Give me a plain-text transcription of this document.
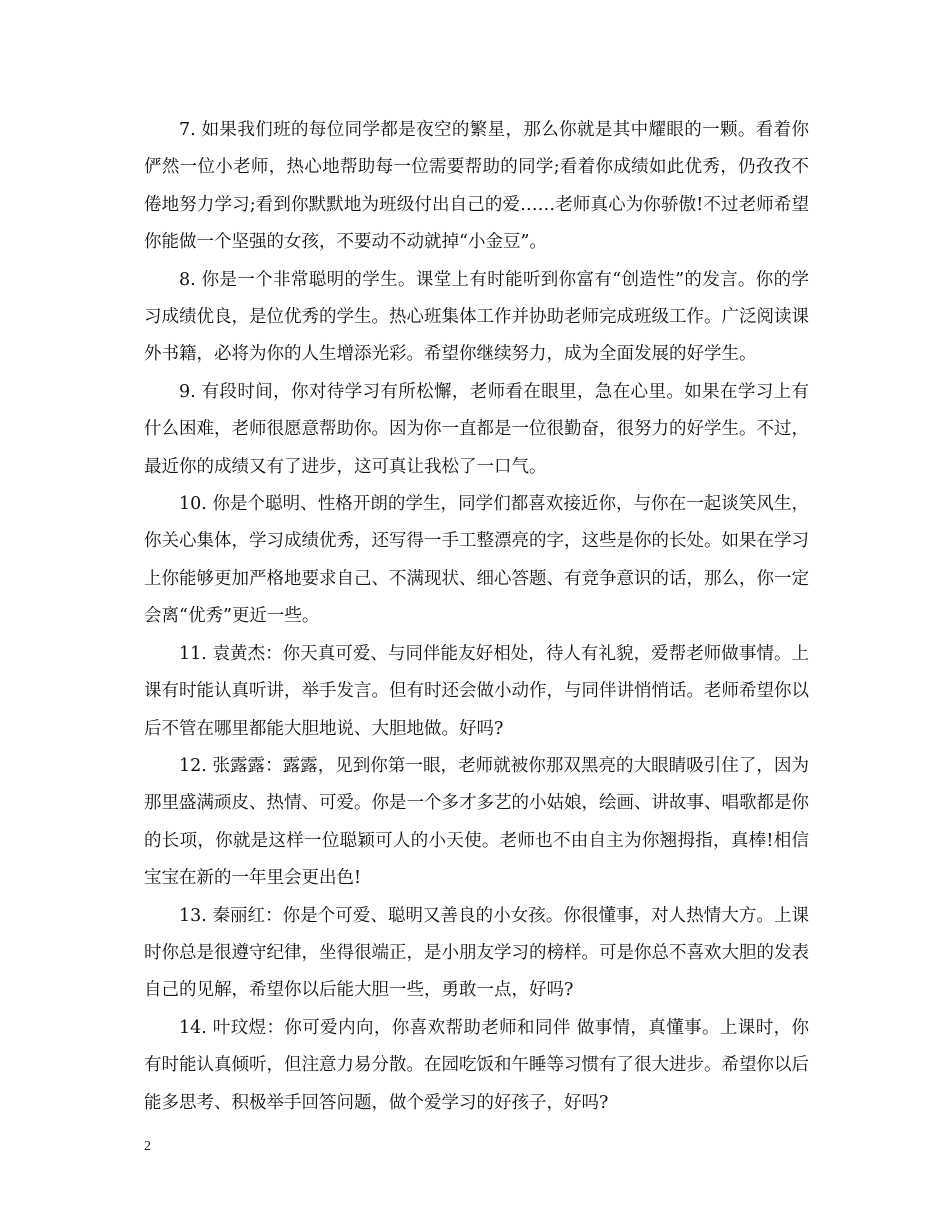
7. 如果我们班的每位同学都是夜空的繁星，那么你就是其中耀眼的一颗。看着你俨然一位小老师，热心地帮助每一位需要帮助的同学;看着你成绩如此优秀，仍孜孜不倦地努力学习;看到你默默地为班级付出自己的爱……老师真心为你骄傲!不过老师希望你能做一个坚强的女孩，不要动不动就掉“小金豆”。

8. 你是一个非常聪明的学生。课堂上有时能听到你富有“创造性”的发言。你的学习成绩优良，是位优秀的学生。热心班集体工作并协助老师完成班级工作。广泛阅读课外书籍，必将为你的人生增添光彩。希望你继续努力，成为全面发展的好学生。

9. 有段时间，你对待学习有所松懈，老师看在眼里，急在心里。如果在学习上有什么困难，老师很愿意帮助你。因为你一直都是一位很勤奋，很努力的好学生。不过，最近你的成绩又有了进步，这可真让我松了一口气。

10. 你是个聪明、性格开朗的学生，同学们都喜欢接近你，与你在一起谈笑风生，你关心集体，学习成绩优秀，还写得一手工整漂亮的字，这些是你的长处。如果在学习上你能够更加严格地要求自己、不满现状、细心答题、有竞争意识的话，那么，你一定会离“优秀”更近一些。

11. 袁黄杰：你天真可爱、与同伴能友好相处，待人有礼貌，爱帮老师做事情。上课有时能认真听讲，举手发言。但有时还会做小动作，与同伴讲悄悄话。老师希望你以后不管在哪里都能大胆地说、大胆地做。好吗?

12. 张露露：露露，见到你第一眼，老师就被你那双黑亮的大眼睛吸引住了，因为那里盛满顽皮、热情、可爱。你是一个多才多艺的小姑娘，绘画、讲故事、唱歌都是你的长项，你就是这样一位聪颖可人的小天使。老师也不由自主为你翘拇指，真棒!相信宝宝在新的一年里会更出色!

13. 秦丽红：你是个可爱、聪明又善良的小女孩。你很懂事，对人热情大方。上课时你总是很遵守纪律，坐得很端正，是小朋友学习的榜样。可是你总不喜欢大胆的发表自己的见解，希望你以后能大胆一些，勇敢一点，好吗?

14. 叶玟煜：你可爱内向，你喜欢帮助老师和同伴 做事情，真懂事。上课时，你有时能认真倾听，但注意力易分散。在园吃饭和午睡等习惯有了很大进步。希望你以后能多思考、积极举手回答问题，做个爱学习的好孩子，好吗?

2
